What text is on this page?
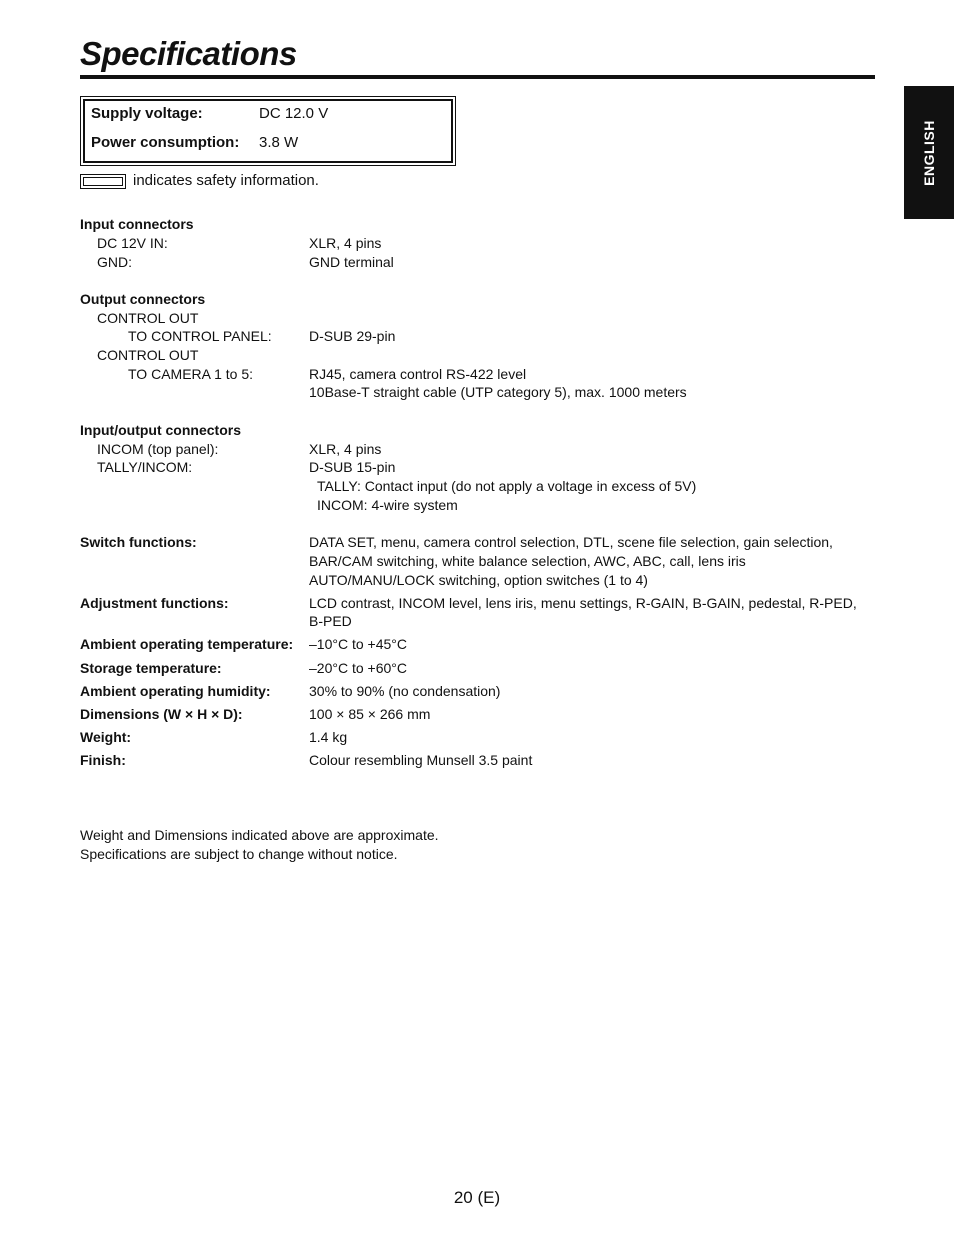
Specifications
ENGLISH
Supply voltage:	DC 12.0 V
Power consumption: 3.8 W
indicates safety information.
Input connectors
DC 12V IN:	XLR, 4 pins
GND:	GND terminal
Output connectors
CONTROL OUT
TO CONTROL PANEL:	D-SUB 29-pin
CONTROL OUT
TO CAMERA 1 to 5:	RJ45, camera control RS-422 level
10Base-T straight cable (UTP category 5), max. 1000 meters
Input/output connectors
INCOM (top panel):	XLR, 4 pins
TALLY/INCOM:	D-SUB 15-pin
TALLY: Contact input (do not apply a voltage in excess of 5V)
INCOM: 4-wire system
Switch functions:	DATA SET, menu, camera control selection, DTL, scene file selection, gain selection,
BAR/CAM switching, white balance selection, AWC, ABC, call, lens iris
AUTO/MANU/LOCK switching, option switches (1 to 4)
Adjustment functions:	LCD contrast, INCOM level, lens iris, menu settings, R-GAIN, B-GAIN, pedestal, R-PED,
B-PED
Ambient operating temperature: –10°C to +45°C
Storage temperature:	–20°C to +60°C
Ambient operating humidity:	30% to 90% (no condensation)
Dimensions (W × H × D):	100 × 85 × 266 mm
Weight:	1.4 kg
Finish:	Colour resembling Munsell 3.5 paint
Weight and Dimensions indicated above are approximate.
Specifications are subject to change without notice.
20 (E)
